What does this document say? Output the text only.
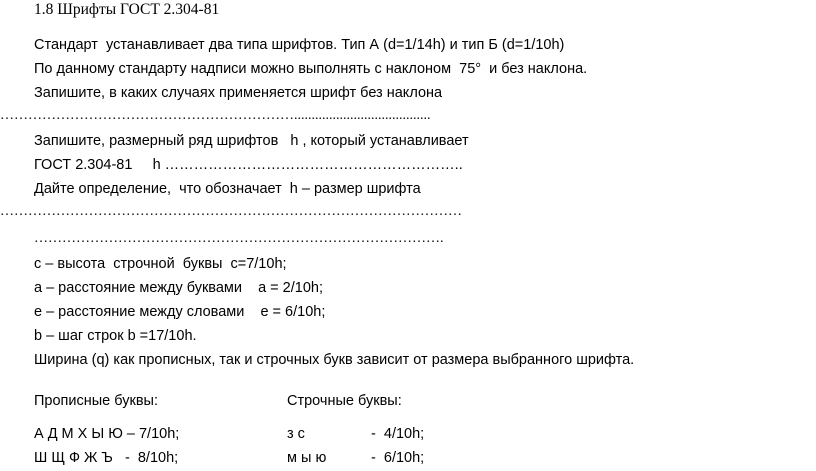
1.8 Шрифты ГОСТ 2.304-81
Стандарт  устанавливает два типа шрифтов. Тип А (d=1/14h) и тип Б (d=1/10h)
По данному стандарту надписи можно выполнять с наклоном  75°  и без наклона.
Запишите, в каких случаях применяется шрифт без наклона
……………………………………………………….......................................
Запишите, размерный ряд шрифтов   h , который устанавливает
ГОСТ 2.304-81     h ……………………………………………………..
Дайте определение,  что обозначает  h – размер шрифта
………………………………………………………………………………………
…………………………………………………………………………….
с – высота  строчной  буквы  с=7/10h;
а – расстояние между буквами    а = 2/10h;
е – расстояние между словами    е = 6/10h;
b – шаг строк b =17/10h.
Ширина (q) как прописных, так и строчных букв зависит от размера выбранного шрифта.
Прописные буквы:	Строчные буквы:
А Д М Х Ы Ю – 7/10h;	з с	-  4/10h;
Ш Щ Ф Ж Ъ   -  8/10h;	м ы ю	-  6/10h;
